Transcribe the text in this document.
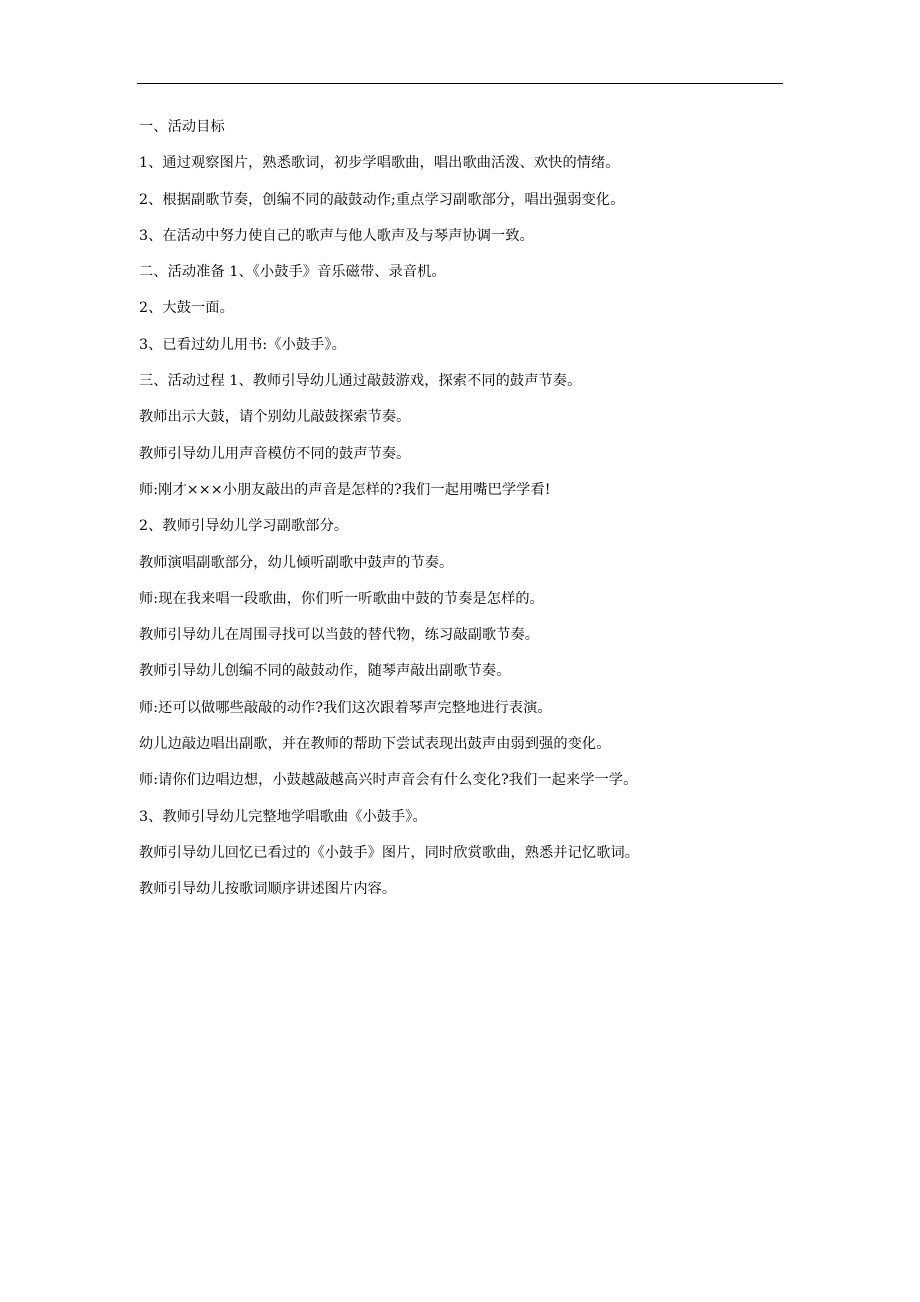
一、活动目标

1、通过观察图片，熟悉歌词，初步学唱歌曲，唱出歌曲活泼、欢快的情绪。

2、根据副歌节奏，创编不同的敲鼓动作;重点学习副歌部分，唱出强弱变化。

3、在活动中努力使自己的歌声与他人歌声及与琴声协调一致。

二、活动准备 1、《小鼓手》音乐磁带、录音机。

2、大鼓一面。

3、已看过幼儿用书:《小鼓手》。

三、活动过程 1、教师引导幼儿通过敲鼓游戏，探索不同的鼓声节奏。

教师出示大鼓，请个别幼儿敲鼓探索节奏。

教师引导幼儿用声音模仿不同的鼓声节奏。

师:刚才×××小朋友敲出的声音是怎样的?我们一起用嘴巴学学看!

2、教师引导幼儿学习副歌部分。

教师演唱副歌部分，幼儿倾听副歌中鼓声的节奏。

师:现在我来唱一段歌曲，你们听一听歌曲中鼓的节奏是怎样的。

教师引导幼儿在周围寻找可以当鼓的替代物，练习敲副歌节奏。

教师引导幼儿创编不同的敲鼓动作，随琴声敲出副歌节奏。

师:还可以做哪些敲敲的动作?我们这次跟着琴声完整地进行表演。

幼儿边敲边唱出副歌，并在教师的帮助下尝试表现出鼓声由弱到强的变化。

师:请你们边唱边想，小鼓越敲越高兴时声音会有什么变化?我们一起来学一学。

3、教师引导幼儿完整地学唱歌曲《小鼓手》。

教师引导幼儿回忆已看过的《小鼓手》图片，同时欣赏歌曲，熟悉并记忆歌词。

教师引导幼儿按歌词顺序讲述图片内容。
